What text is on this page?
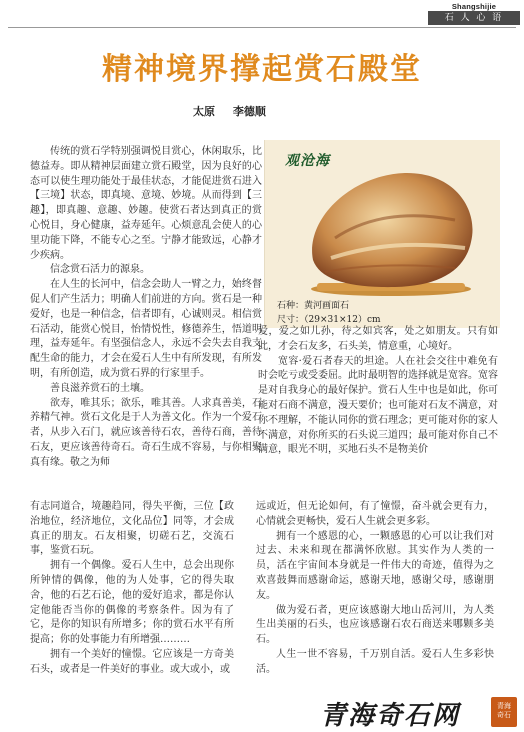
Shangshijie
石 人 心 语
精神境界撑起赏石殿堂
太原 李德顺

传统的赏石学特别强调悦目赏心，休闲取乐，比德益寿。即从精神层面建立赏石殿堂，因为良好的心态可以使生理功能处于最佳状态，才能促进赏石进入【三境】状态，即真境、意境、妙境。从而得到【三趣】，即真趣、意趣、妙趣。使赏石者达到真正的赏心悦目，身心健康，益寿延年。心烦意乱会使人的心里功能下降，不能专心之至。宁静才能致远，心静才少疾病。

信念赏石活力的源泉。

在人生的长河中，信念会助人一臂之力，始终督促人们产生活力；明确人们前进的方向。赏石是一种爱好，也是一种信念，信者即有，心诚则灵。相信赏石活动，能赏心悦目，怡情悦性，修德养生，悟道明理，益寿延年。有坚强信念人，永远不会失去自我支配生命的能力，才会在爱石人生中有所发现，有所发明，有所创造，成为赏石界的行家里手。

善良滋养赏石的土壤。

欲寿，唯其乐；欲乐，唯其善。人求真善美，石养精气神。赏石文化是于人为善文化。作为一个爱石者，从步入石门，就应该善待石农，善待石商，善待石友，更应该善待奇石。奇石生成不容易，与你相聚真有缘。敬之为师

观沧海
石种：黄河画面石
尺寸：（29×31×12）cm

爱，爱之如儿孙，待之如宾客，处之如朋友。只有如此，才会石友多，石头美，情意重，心境好。

宽容·爱石者春天的坦途。人在社会交往中难免有时会吃亏或受委屈。此时最明智的选择就是宽容。宽容是对自我身心的最好保护。赏石人生中也是如此，你可能对石商不满意，漫天要价；也可能对石友不满意，对你不理解，不能认同你的赏石理念；更可能对你的家人不满意，对你所买的石头说三道四；最可能对你自己不满意，眼光不明，买地石头不是物美价

有志同道合，境趣趋同，得失平衡，三位【政治地位，经济地位，文化品位】同等，才会成真正的朋友。石友相聚，切磋石艺，交流石事，鉴赏石玩。

拥有一个偶像。爱石人生中，总会出现你所钟情的偶像，他的为人处事，它的得失取舍，他的石艺石论，他的爱好追求，都是你认定他能否当你的偶像的考察条件。因为有了它，是你的知识有所增多；你的赏石水平有所提高；你的处事能力有所增强………

拥有一个美好的憧憬。它应该是一方奇美石头，或者是一件美好的事业。或大或小，或

远或近，但无论如何，有了憧憬，奋斗就会更有力，心情就会更畅快，爱石人生就会更多彩。

拥有一个感恩的心，一颗感恩的心可以让我们对过去、未来和现在都满怀欣慰。其实作为人类的一员，活在宇宙间本身就是一件伟大的奇迹，值得为之欢喜鼓舞而感谢命运，感谢天地，感谢父母，感谢朋友。

做为爱石者，更应该感谢大地山岳河川，为人类生出美丽的石头，也应该感谢石农石商送来哪颗多美石。

人生一世不容易，千万别自活。爱石人生多彩快活。

青海奇石网	青海
奇石
